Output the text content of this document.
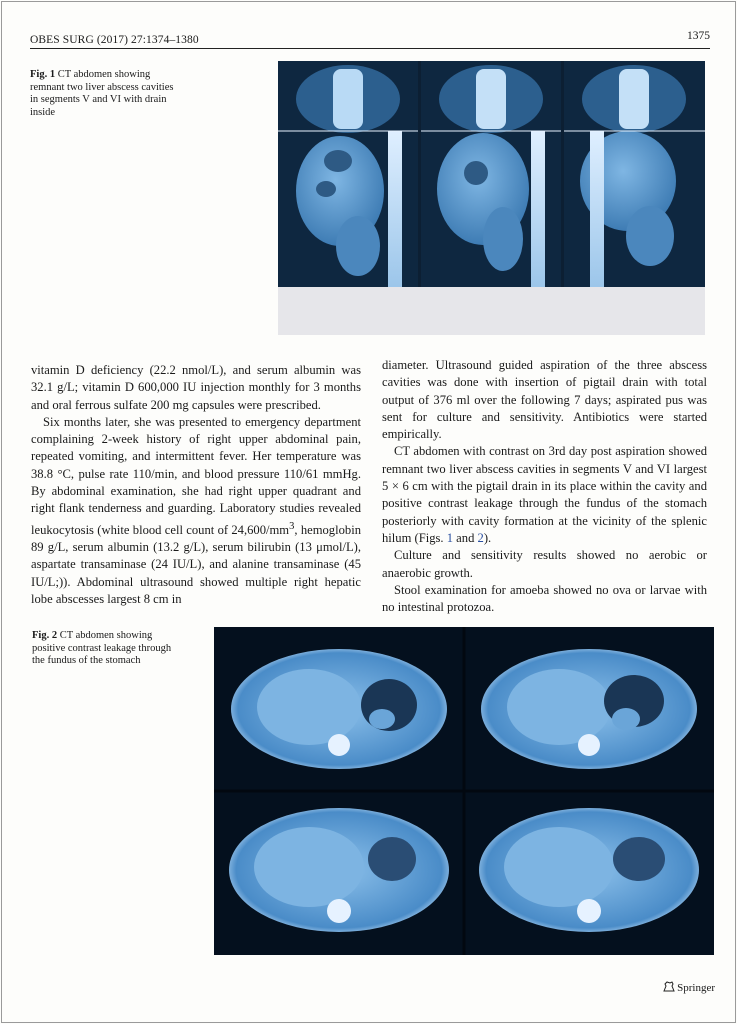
OBES SURG (2017) 27:1374–1380	1375
Fig. 1 CT abdomen showing remnant two liver abscess cavities in segments V and VI with drain inside

vitamin D deficiency (22.2 nmol/L), and serum albumin was 32.1 g/L; vitamin D 600,000 IU injection monthly for 3 months and oral ferrous sulfate 200 mg capsules were prescribed.

Six months later, she was presented to emergency department complaining 2-week history of right upper abdominal pain, repeated vomiting, and intermittent fever. Her temperature was 38.8 °C, pulse rate 110/min, and blood pressure 110/61 mmHg. By abdominal examination, she had right upper quadrant and right flank tenderness and guarding. Laboratory studies revealed leukocytosis (white blood cell count of $24,600/mm^3$, hemoglobin 89 g/L, serum albumin (13.2 g/L), serum bilirubin (13 μmol/L), aspartate transaminase (24 IU/L), and alanine transaminase (45 IU/L;)). Abdominal ultrasound showed multiple right hepatic lobe abscesses largest 8 cm in

diameter. Ultrasound guided aspiration of the three abscess cavities was done with insertion of pigtail drain with total output of 376 ml over the following 7 days; aspirated pus was sent for culture and sensitivity. Antibiotics were started empirically.

CT abdomen with contrast on 3rd day post aspiration showed remnant two liver abscess cavities in segments V and VI largest 5 × 6 cm with the pigtail drain in its place within the cavity and positive contrast leakage through the fundus of the stomach posteriorly with cavity formation at the vicinity of the splenic hilum (Figs. 1 and 2).

Culture and sensitivity results showed no aerobic or anaerobic growth.

Stool examination for amoeba showed no ova or larvae with no intestinal protozoa.

Fig. 2 CT abdomen showing positive contrast leakage through the fundus of the stomach
Springer
